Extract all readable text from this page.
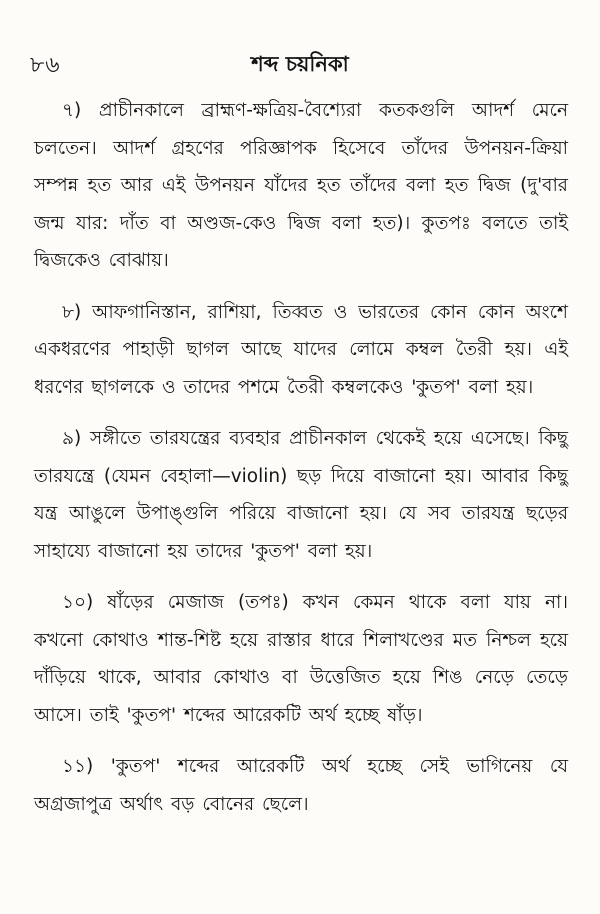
৮৬	শব্দ চয়নিকা

৭) প্রাচীনকালে ব্রাহ্মণ-ক্ষত্রিয়-বৈশ্যেরা কতকগুলি আদর্শ মেনে চলতেন। আদর্শ গ্রহণের পরিজ্ঞাপক হিসেবে তাঁদের উপনয়ন-ক্রিয়া সম্পন্ন হত আর এই উপনয়ন যাঁদের হত তাঁদের বলা হত দ্বিজ (দু'বার জন্ম যার: দাঁত বা অণ্ডজ-কেও দ্বিজ বলা হত)। কুতপঃ বলতে তাই দ্বিজকেও বোঝায়।

৮) আফগানিস্তান, রাশিয়া, তিব্বত ও ভারতের কোন কোন অংশে একধরণের পাহাড়ী ছাগল আছে যাদের লোমে কম্বল তৈরী হয়। এই ধরণের ছাগলকে ও তাদের পশমে তৈরী কম্বলকেও 'কুতপ' বলা হয়।

৯) সঙ্গীতে তারযন্ত্রের ব্যবহার প্রাচীনকাল থেকেই হয়ে এসেছে। কিছু তারযন্ত্রে (যেমন বেহালা—violin) ছড় দিয়ে বাজানো হয়। আবার কিছু যন্ত্র আঙুলে উপাঙ্গুলি পরিয়ে বাজানো হয়। যে সব তারযন্ত্র ছড়ের সাহায্যে বাজানো হয় তাদের 'কুতপ' বলা হয়।

১০) ষাঁড়ের মেজাজ (তপঃ) কখন কেমন থাকে বলা যায় না। কখনো কোথাও শান্ত-শিষ্ট হয়ে রাস্তার ধারে শিলাখণ্ডের মত নিশ্চল হয়ে দাঁড়িয়ে থাকে, আবার কোথাও বা উত্তেজিত হয়ে শিঙ নেড়ে তেড়ে আসে। তাই 'কুতপ' শব্দের আরেকটি অর্থ হচ্ছে ষাঁড়।

১১) 'কুতপ' শব্দের আরেকটি অর্থ হচ্ছে সেই ভাগিনেয় যে অগ্রজাপুত্র অর্থাৎ বড় বোনের ছেলে।
